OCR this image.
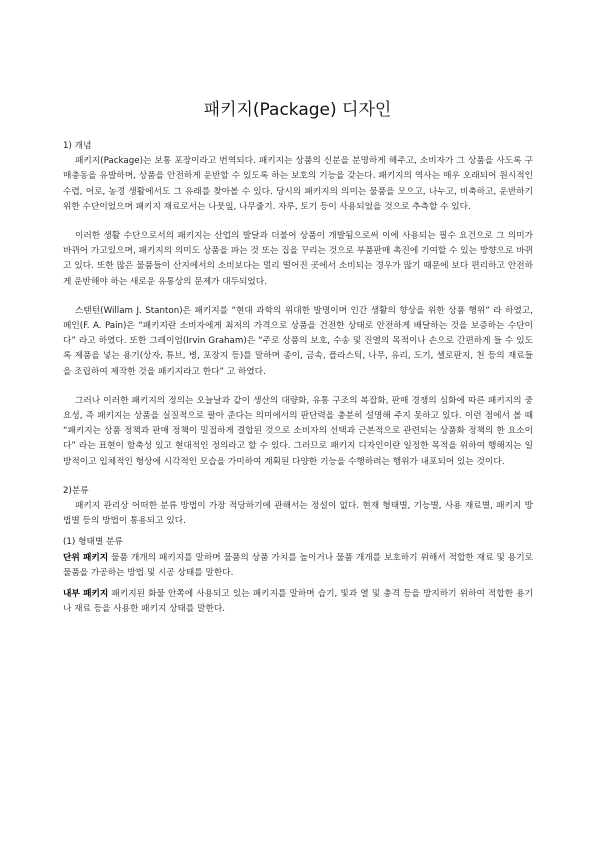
패키지(Package) 디자인

1) 개념

패키지(Package)는 보통 포장이라고 번역되다. 패키지는 상품의 신분을 분명하게 해주고, 소비자가 그 상품을 사도록 구매충동을 유발하며, 상품을 안전하게 운반할 수 있도록 하는 보호의 기능을 갖는다. 패키지의 역사는 매우 오래되어 원시적인 수렵, 어로, 농경 생활에서도 그 유래를 찾아볼 수 있다. 당시의 패키지의 의미는 물품을 모으고, 나누고, 비축하고, 운반하기 위한 수단이었으며 패키지 재료로서는 나뭇잎, 나무줄기. 자루, 토기 등이 사용되었을 것으로 추측할 수 있다.

이러한 생활 수단으로서의 패키지는 산업의 발달과 더불어 상품이 개발됨으로써 이에 사용되는 필수 요건으로 그 의미가 바뀌어 가고있으며, 패키지의 의미도 상품을 파는 것 또는 집을 꾸리는 것으로 부품판매 촉진에 기여할 수 있는 방향으로 바뀌고 있다. 또한 많은 물품들이 산지에서의 소비보다는 멀리 떨어진 곳에서 소비되는 경우가 많기 때문에 보다 편리하고 안전하게 운반해야 하는 새로운 유통상의 문제가 대두되었다.

스탠턴(Willam J. Stanton)은 패키지를 “현대 과학의 위대한 발명이며 인간 생활의 향상을 위한 상품 행위” 라 하였고, 페인(F. A. Pain)은 “패키지란 소비자에게 최저의 가격으로 상품을 건전한 상태로 안전하게 배달하는 것을 보증하는 수단이다” 라고 하였다. 또한 그레이엄(Irvin Graham)은 “주로 상품의 보호, 수송 및 진열의 목적이나 손으로 간편하게 들 수 있도록 제품을 넣는 용기(상자, 튜브, 병, 포장지 등)를 말하며 종이, 금속, 플라스틱, 나무, 유리, 도기, 셀로판지, 천 등의 재료들을 조립하여 제작한 것을 패키지라고 한다” 고 하였다.

그러나 이러한 패키지의 정의는 오늘날과 같이 생산의 대량화, 유통 구조의 복잡화, 판매 경쟁의 심화에 따른 패키지의 중요성, 즉 패키지는 상품을 실질적으로 팔아 준다는 의미에서의 판단력을 충분히 설명해 주지 못하고 있다. 이런 점에서 볼 때 “패키지는 상품 정책과 판매 정책이 밀접하게 결합된 것으로 소비자의 선택과 근본적으로 관련되는 상품화 정책의 한 요소이다” 라는 표현이 함축성 있고 현대적인 정의라고 할 수 있다. 그러므로 패키지 디자인이란 일정한 목적을 위하여 행해지는 일방적이고 입체적인 형상에 시각적인 모습을 가미하여 계획된 다양한 기능을 수행하려는 행위가 내포되어 있는 것이다.

2)분류

패키지 관리상 어떠한 분류 방법이 가장 적당하기에 관해서는 정설이 없다. 현재 형태별, 기능별, 사용 재료별, 패키지 방법별 등의 방법이 통용되고 있다.

(1) 형태별 분류

단위 패키지 물품 개개의 패키지를 말하며 물품의 상품 가치를 높이거나 물품 개개를 보호하기 위해서 적합한 재료 및 용기로 물품을 가공하는 방법 및 시공 상태를 말한다.

내부 패키지 패키지된 화물 안쪽에 사용되고 있는 패키지를 말하며 습기, 빛과 열 및 충격 등을 방지하기 위하여 적합한 용기나 재료 등을 사용한 패키지 상태를 말한다.
